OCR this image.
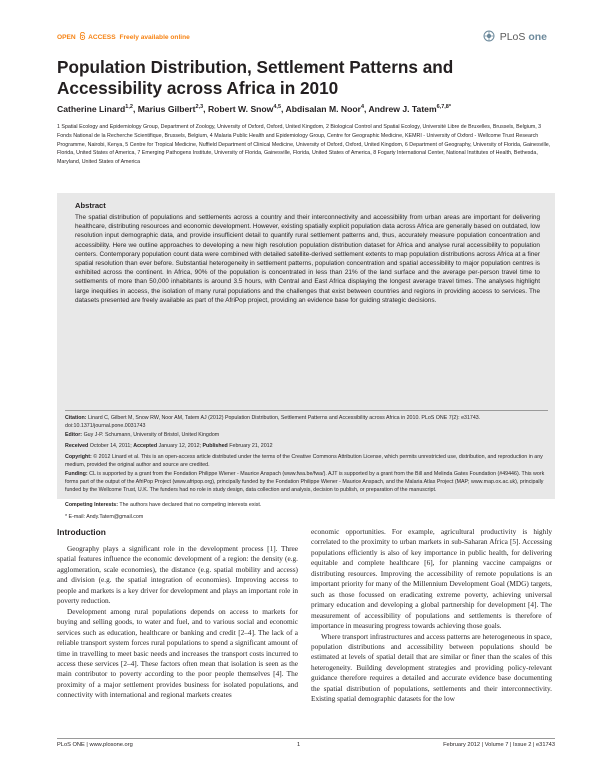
OPEN ACCESS Freely available online	PLoS one
Population Distribution, Settlement Patterns and Accessibility across Africa in 2010
Catherine Linard$^{1,2}$, Marius Gilbert$^{2,3}$, Robert W. Snow$^{4,5}$, Abdisalan M. Noor$^4$, Andrew J. Tatem$^{6,7,8*}$

1 Spatial Ecology and Epidemiology Group, Department of Zoology, University of Oxford, Oxford, United Kingdom, 2 Biological Control and Spatial Ecology, Université Libre de Bruxelles, Brussels, Belgium, 3 Fonds National de la Recherche Scientifique, Brussels, Belgium, 4 Malaria Public Health and Epidemiology Group, Centre for Geographic Medicine, KEMRI - University of Oxford - Wellcome Trust Research Programme, Nairobi, Kenya, 5 Centre for Tropical Medicine, Nuffield Department of Clinical Medicine, University of Oxford, Oxford, United Kingdom, 6 Department of Geography, University of Florida, Gainesville, Florida, United States of America, 7 Emerging Pathogens Institute, University of Florida, Gainesville, Florida, United States of America, 8 Fogarty International Center, National Institutes of Health, Bethesda, Maryland, United States of America

Abstract

The spatial distribution of populations and settlements across a country and their interconnectivity and accessibility from urban areas are important for delivering healthcare, distributing resources and economic development. However, existing spatially explicit population data across Africa are generally based on outdated, low resolution input demographic data, and provide insufficient detail to quantify rural settlement patterns and, thus, accurately measure population concentration and accessibility. Here we outline approaches to developing a new high resolution population distribution dataset for Africa and analyse rural accessibility to population centers. Contemporary population count data were combined with detailed satellite-derived settlement extents to map population distributions across Africa at a finer spatial resolution than ever before. Substantial heterogeneity in settlement patterns, population concentration and spatial accessibility to major population centres is exhibited across the continent. In Africa, 90% of the population is concentrated in less than 21% of the land surface and the average per-person travel time to settlements of more than 50,000 inhabitants is around 3.5 hours, with Central and East Africa displaying the longest average travel times. The analyses highlight large inequities in access, the isolation of many rural populations and the challenges that exist between countries and regions in providing access to services. The datasets presented are freely available as part of the AfriPop project, providing an evidence base for guiding strategic decisions.

Citation: Linard C, Gilbert M, Snow RW, Noor AM, Tatem AJ (2012) Population Distribution, Settlement Patterns and Accessibility across Africa in 2010. PLoS ONE 7(2): e31743. doi:10.1371/journal.pone.0031743

Editor: Guy J-P. Schumann, University of Bristol, United Kingdom

Received October 14, 2011; Accepted January 12, 2012; Published February 21, 2012

Copyright: © 2012 Linard et al. This is an open-access article distributed under the terms of the Creative Commons Attribution License, which permits unrestricted use, distribution, and reproduction in any medium, provided the original author and source are credited.

Funding: CL is supported by a grant from the Fondation Philippe Wiener - Maurice Anspach (www.fwa.be/fwa/). AJT is supported by a grant from the Bill and Melinda Gates Foundation (#49446). This work forms part of the output of the AfriPop Project (www.afripop.org), principally funded by the Fondation Philippe Wiener - Maurice Anspach, and the Malaria Atlas Project (MAP; www.map.ox.ac.uk), principally funded by the Wellcome Trust, U.K. The funders had no role in study design, data collection and analysis, decision to publish, or preparation of the manuscript.

Competing Interests: The authors have declared that no competing interests exist.

* E-mail: Andy.Tatem@gmail.com

Introduction

Geography plays a significant role in the development process [1]. Three spatial features influence the economic development of a region: the density (e.g. agglomeration, scale economies), the distance (e.g. spatial mobility and access) and division (e.g. the spatial integration of economies). Improving access to people and markets is a key driver for development and plays an important role in poverty reduction.

Development among rural populations depends on access to markets for buying and selling goods, to water and fuel, and to various social and economic services such as education, healthcare or banking and credit [2–4]. The lack of a reliable transport system forces rural populations to spend a significant amount of time in travelling to meet basic needs and increases the transport costs incurred to access these services [2–4]. These factors often mean that isolation is seen as the main contributor to poverty according to the poor people themselves [4]. The proximity of a major settlement provides business for isolated populations, and connectivity with international and regional markets creates

economic opportunities. For example, agricultural productivity is highly correlated to the proximity to urban markets in sub-Saharan Africa [5]. Accessing populations efficiently is also of key importance in public health, for delivering equitable and complete healthcare [6], for planning vaccine campaigns or distributing resources. Improving the accessibility of remote populations is an important priority for many of the Millennium Development Goal (MDG) targets, such as those focussed on eradicating extreme poverty, achieving universal primary education and developing a global partnership for development [4]. The measurement of accessibility of populations and settlements is therefore of importance in measuring progress towards achieving those goals.

Where transport infrastructures and access patterns are heterogeneous in space, population distributions and accessibility between populations should be estimated at levels of spatial detail that are similar or finer than the scales of this heterogeneity. Building development strategies and providing policy-relevant guidance therefore requires a detailed and accurate evidence base documenting the spatial distribution of populations, settlements and their interconnectivity. Existing spatial demographic datasets for the low

PLoS ONE | www.plosone.org	1	February 2012 | Volume 7 | Issue 2 | e31743
